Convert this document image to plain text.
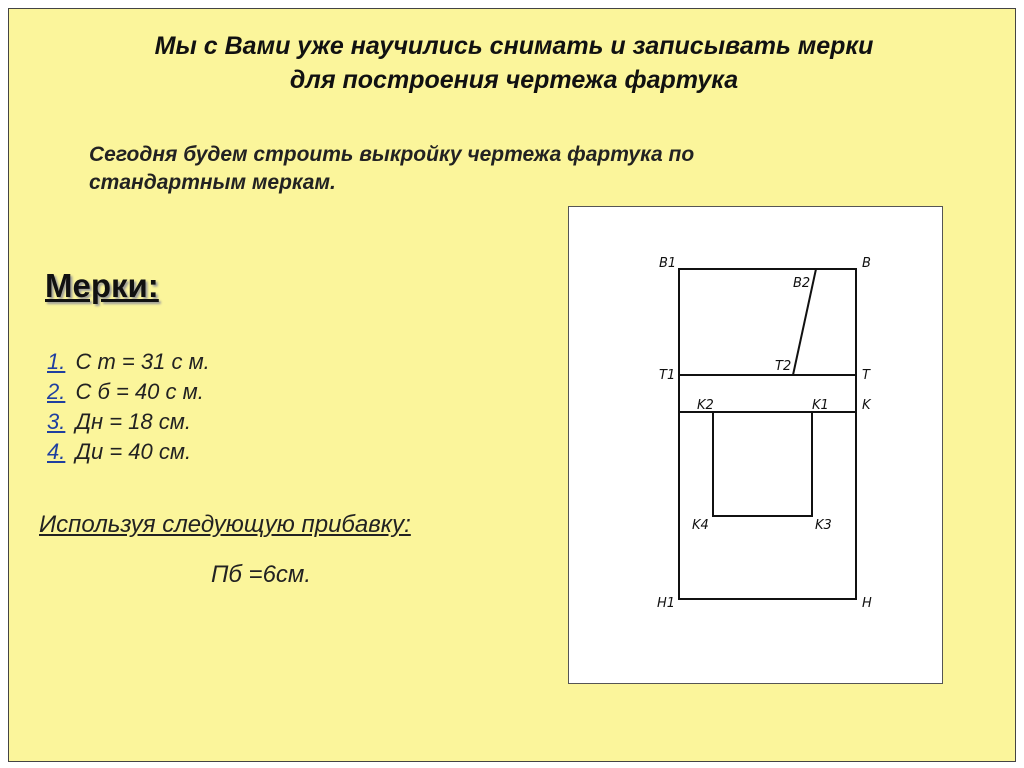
Мы с Вами уже научились снимать и записывать мерки
для построения чертежа фартука
Сегодня будем строить выкройку чертежа фартука по
стандартным меркам.
Мерки:
1. С т = 31 с м.
2. С б = 40 с м.
3. Дн = 18 см.
4. Ди = 40 см.
Используя следующую прибавку:
Пб =6см.
B1	B
B2
T1	T
T2
K2	K1	K
K4	K3
H1	H
